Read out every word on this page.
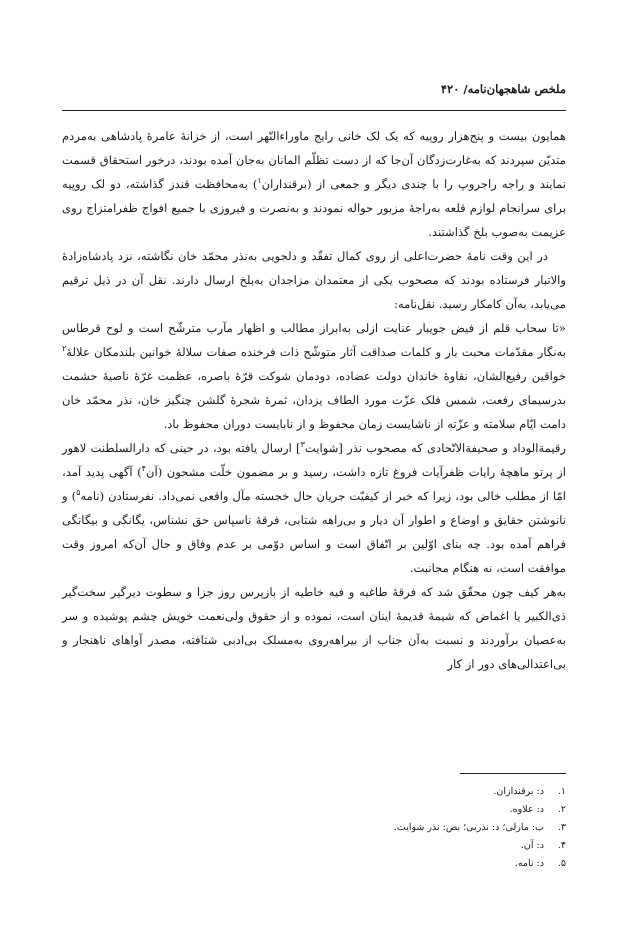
ملخص شاهجهان‌نامه/ ۴۲۰

همایون بیست و پنج‌هزار روپیه که یک لک خانی رایج ماوراءالنّهر است، از خزانهٔ عامرهٔ پادشاهی به‌مردم متدیّن سپردند که به‌غارت‌زدگان آن‌جا که از دست تظلّم المانان به‌جان آمده بودند، درخور استحقاق قسمت نمایند و راجه راجروپ را با چندی دیگر و جمعی از (برقنداران$^۱$) به‌محافظت قندز گذاشته، دو لک روپیه برای سرانجام لوازم قلعه به‌راجهٔ مزبور حواله نمودند و به‌نصرت و فیروزی با جمیع افواج ظفرامتزاج روی عزیمت به‌صوب بلخ گذاشتند.

در این وقت نامهٔ حضرت‌اعلی از روی کمال تفقّد و دلجویی به‌نذر محمّد خان نگاشته، نزد پادشاه‌زادهٔ والاتبار فرستاده بودند که مصحوب یکی از معتمدان مزاجدان به‌بلخ ارسال دارند. نقل آن در ذیل ترقیم می‌یابد، به‌آن کامکار رسید. نقل‌نامه:

«تا سحاب قلم از فیض جویبار عنایت ازلی به‌ابراز مطالب و اظهار مآرب مترشّح است و لوح قرطاس به‌نگار مقدّمات محبت بار و کلمات صداقت آثار متوشّح ذات فرخنده صفات سلالهٔ خوانین بلندمکان علالهٔ$^۲$ خواقین رفیع‌الشان، نقاوهٔ خاندان دولت عضاده، دودمان شوکت قرّهٔ باصره، عظمت غرّهٔ ناصیهٔ حشمت بدرسیمای رفعت، شمس فلک عزّت مورد الطاف یزدان، ثمرهٔ شجرهٔ گلشن چنگیز خان، نذر محمّد خان دامت ایّام سلامته و عزّته از ناشایست زمان محفوظ و از نابایست دوران محفوظ باد.

رقیمةالوداد و صحیفةالاتّحادی که مصحوب نذر [شوایت$^۳$] ارسال یافته بود، در حینی که دارالسلطنت لاهور از پرتو ماهچهٔ رایات ظفرآیات فروغ تازه داشت، رسید و بر مضمون خلّت مشحون (آن$^۴$) آگهی پدید آمد، امّا از مطلب خالی بود، زیرا که خبر از کیفیّت جریان حال خجسته مآل واقعی نمی‌داد. نفرستادن (نامه$^۵$) و نانوشتن حقایق و اوضاع و اطوار آن دیار و بی‌راهه شتابی، فرقهٔ ناسپاس حق نشناس، یگانگی و بیگانگی فراهم آمده بود. چه بنای اوّلین بر اتّفاق است و اساس دوّمی بر عدم وفاق و حال آن‌که امروز وقت موافقت است، نه هنگام مجانبت.

به‌هر کیف چون محقّق شد که فرقهٔ طاغیه و فیه خاطیه از بازپرس روز جزا و سطوت دیرگیر سخت‌گیر ذی‌الکبیر یا اغماض که شیمهٔ قدیمهٔ اینان است، نموده و از حقوق ولی‌نعمت خویش چشم پوشیده و سر به‌عصیان برآوردند و نسبت به‌آن جناب از بیراهه‌روی به‌مسلک بی‌ادبی شتافته، مصدر آواهای ناهنجار و بی‌اعتدالی‌های دور از کار

۱.
د: برقندازان.
۲.
د: علاوه.
۳.
ب: مارلی؛ د: نذربی؛ بض: نذر شوایت.
۴.
د: آن.
۵.
د: نامه.
